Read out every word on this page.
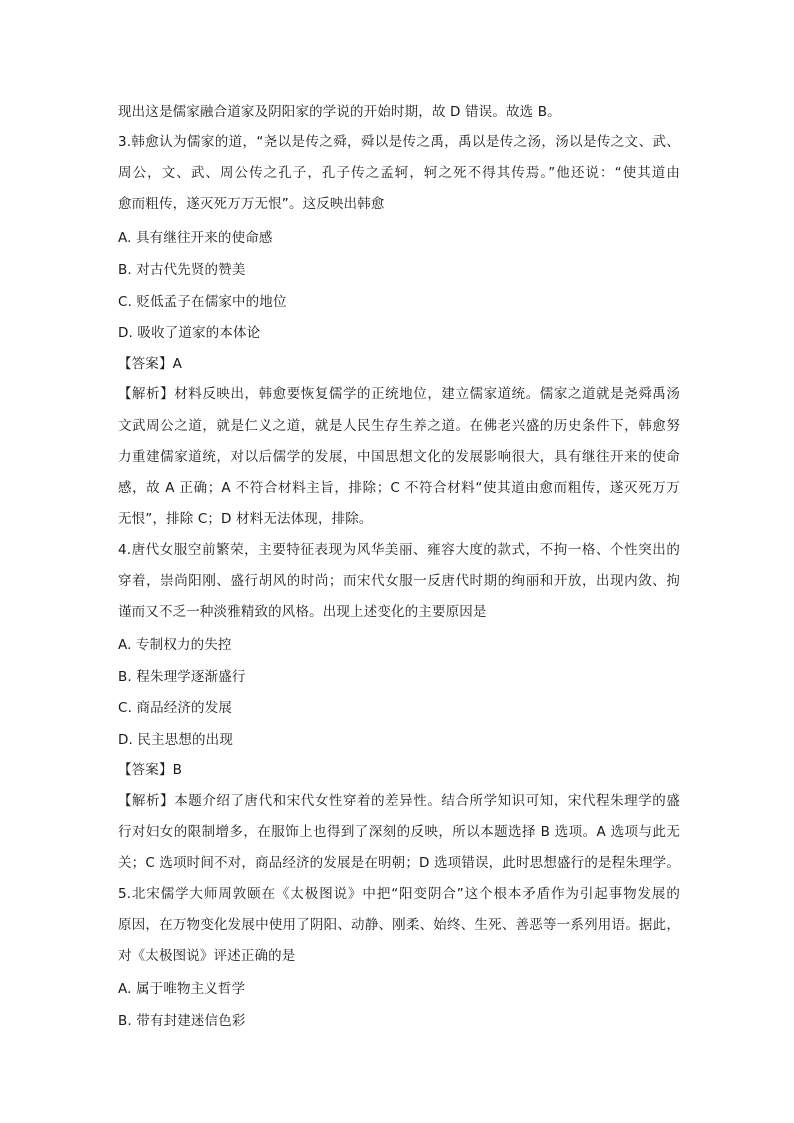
现出这是儒家融合道家及阴阳家的学说的开始时期，故 D 错误。故选 B。
3.韩愈认为儒家的道，“尧以是传之舜，舜以是传之禹，禹以是传之汤，汤以是传之文、武、
周公，文、武、周公传之孔子，孔子传之孟轲，轲之死不得其传焉。”他还说：“使其道由
愈而粗传，遂灭死万万无恨”。这反映出韩愈
A. 具有继往开来的使命感
B. 对古代先贤的赞美
C. 贬低孟子在儒家中的地位
D. 吸收了道家的本体论
【答案】A
【解析】材料反映出，韩愈要恢复儒学的正统地位，建立儒家道统。儒家之道就是尧舜禹汤
文武周公之道，就是仁义之道，就是人民生存生养之道。在佛老兴盛的历史条件下，韩愈努
力重建儒家道统，对以后儒学的发展，中国思想文化的发展影响很大，具有继往开来的使命
感，故 A 正确；A 不符合材料主旨，排除；C 不符合材料“使其道由愈而粗传，遂灭死万万
无恨”，排除 C；D 材料无法体现，排除。
4.唐代女服空前繁荣，主要特征表现为风华美丽、雍容大度的款式，不拘一格、个性突出的
穿着，崇尚阳刚、盛行胡风的时尚；而宋代女服一反唐代时期的绚丽和开放，出现内敛、拘
谨而又不乏一种淡雅精致的风格。出现上述变化的主要原因是
A. 专制权力的失控
B. 程朱理学逐渐盛行
C. 商品经济的发展
D. 民主思想的出现
【答案】B
【解析】本题介绍了唐代和宋代女性穿着的差异性。结合所学知识可知，宋代程朱理学的盛
行对妇女的限制增多，在服饰上也得到了深刻的反映，所以本题选择 B 选项。A 选项与此无
关；C 选项时间不对，商品经济的发展是在明朝；D 选项错误，此时思想盛行的是程朱理学。
5.北宋儒学大师周敦颐在《太极图说》中把“阳变阴合”这个根本矛盾作为引起事物发展的
原因，在万物变化发展中使用了阴阳、动静、刚柔、始终、生死、善恶等一系列用语。据此，
对《太极图说》评述正确的是
A. 属于唯物主义哲学
B. 带有封建迷信色彩
